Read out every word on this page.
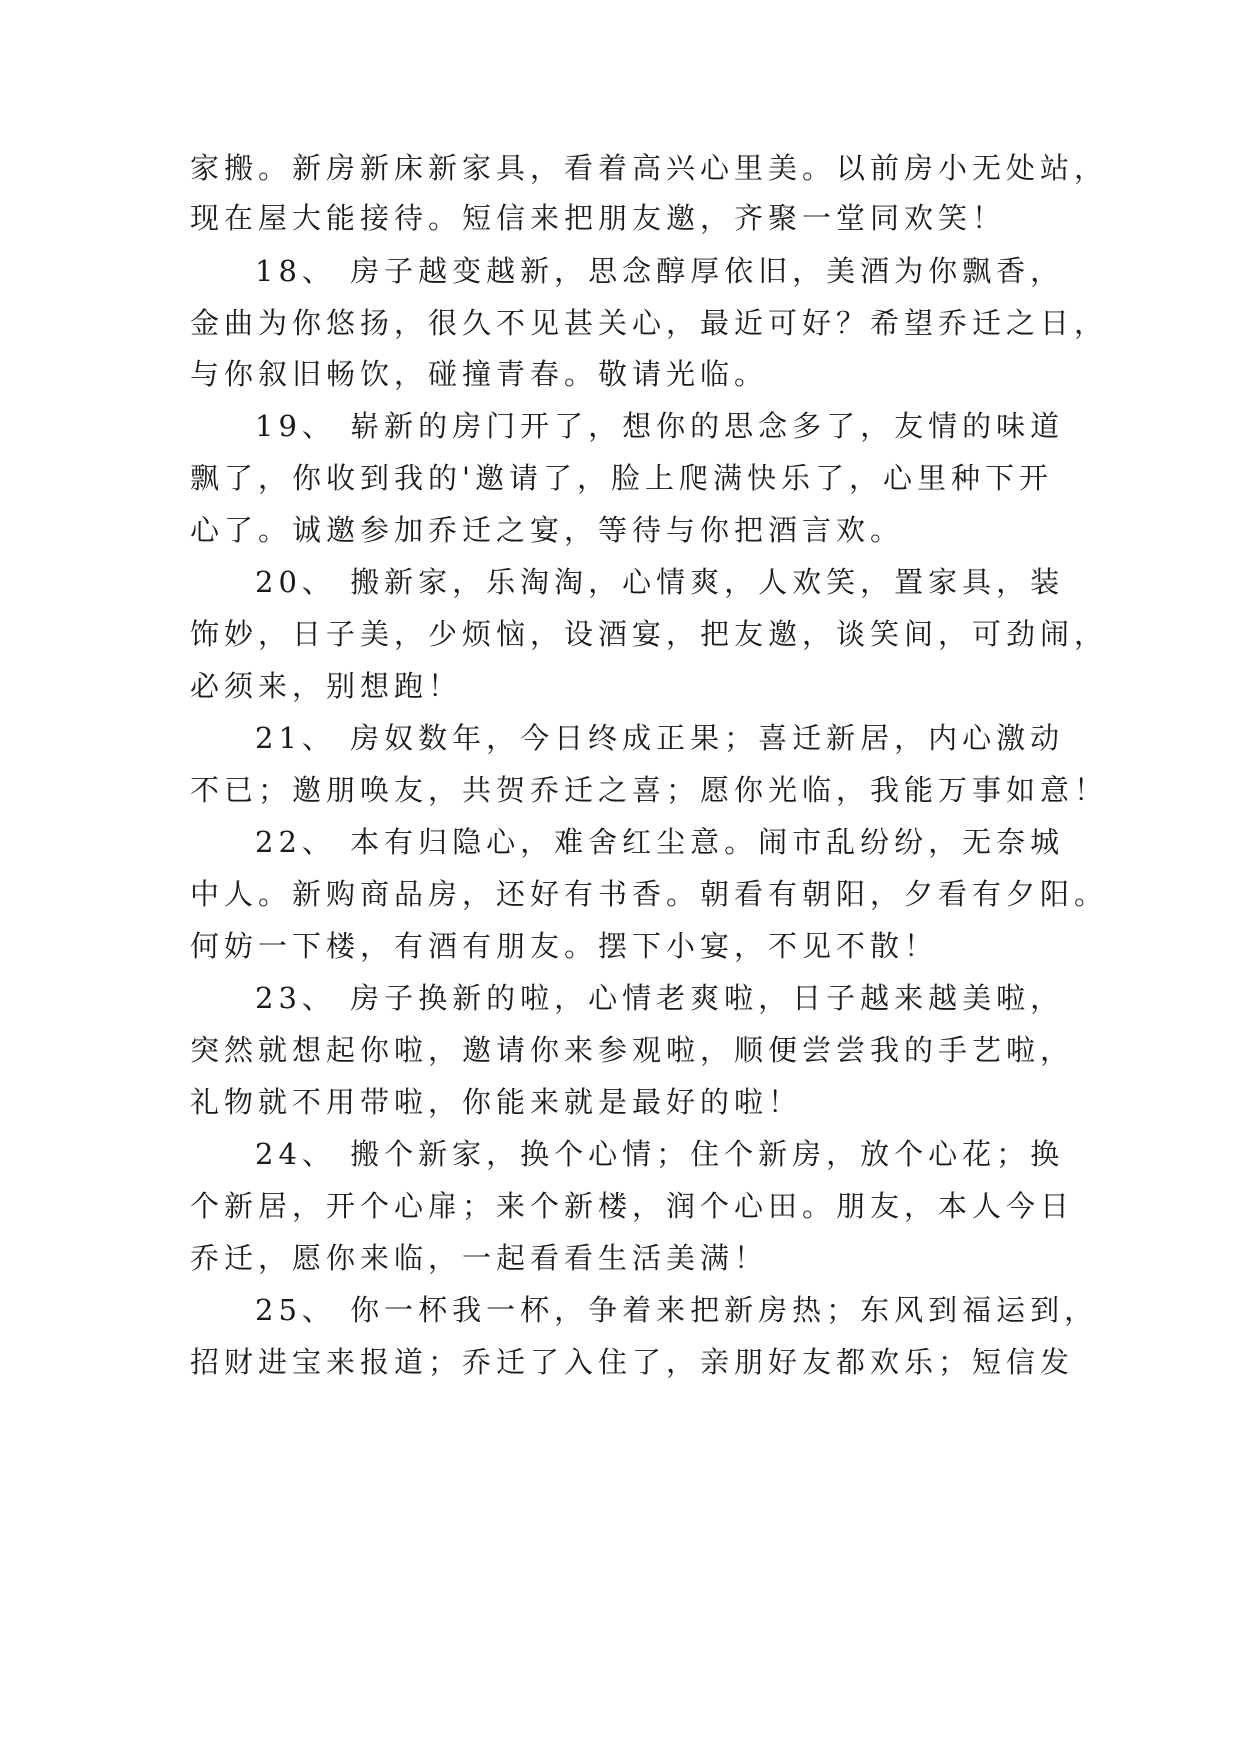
家搬。新房新床新家具，看着高兴心里美。以前房小无处站，
现在屋大能接待。短信来把朋友邀，齐聚一堂同欢笑！
18、 房子越变越新，思念醇厚依旧，美酒为你飘香，
金曲为你悠扬，很久不见甚关心，最近可好？希望乔迁之日，
与你叙旧畅饮，碰撞青春。敬请光临。
19、 崭新的房门开了，想你的思念多了，友情的味道
飘了，你收到我的'邀请了，脸上爬满快乐了，心里种下开
心了。诚邀参加乔迁之宴，等待与你把酒言欢。
20、 搬新家，乐淘淘，心情爽，人欢笑，置家具，装
饰妙，日子美，少烦恼，设酒宴，把友邀，谈笑间，可劲闹，
必须来，别想跑！
21、 房奴数年，今日终成正果；喜迁新居，内心激动
不已；邀朋唤友，共贺乔迁之喜；愿你光临，我能万事如意！
22、 本有归隐心，难舍红尘意。闹市乱纷纷，无奈城
中人。新购商品房，还好有书香。朝看有朝阳，夕看有夕阳。
何妨一下楼，有酒有朋友。摆下小宴，不见不散！
23、 房子换新的啦，心情老爽啦，日子越来越美啦，
突然就想起你啦，邀请你来参观啦，顺便尝尝我的手艺啦，
礼物就不用带啦，你能来就是最好的啦！
24、 搬个新家，换个心情；住个新房，放个心花；换
个新居，开个心扉；来个新楼，润个心田。朋友，本人今日
乔迁，愿你来临，一起看看生活美满！
25、 你一杯我一杯，争着来把新房热；东风到福运到，
招财进宝来报道；乔迁了入住了，亲朋好友都欢乐；短信发
